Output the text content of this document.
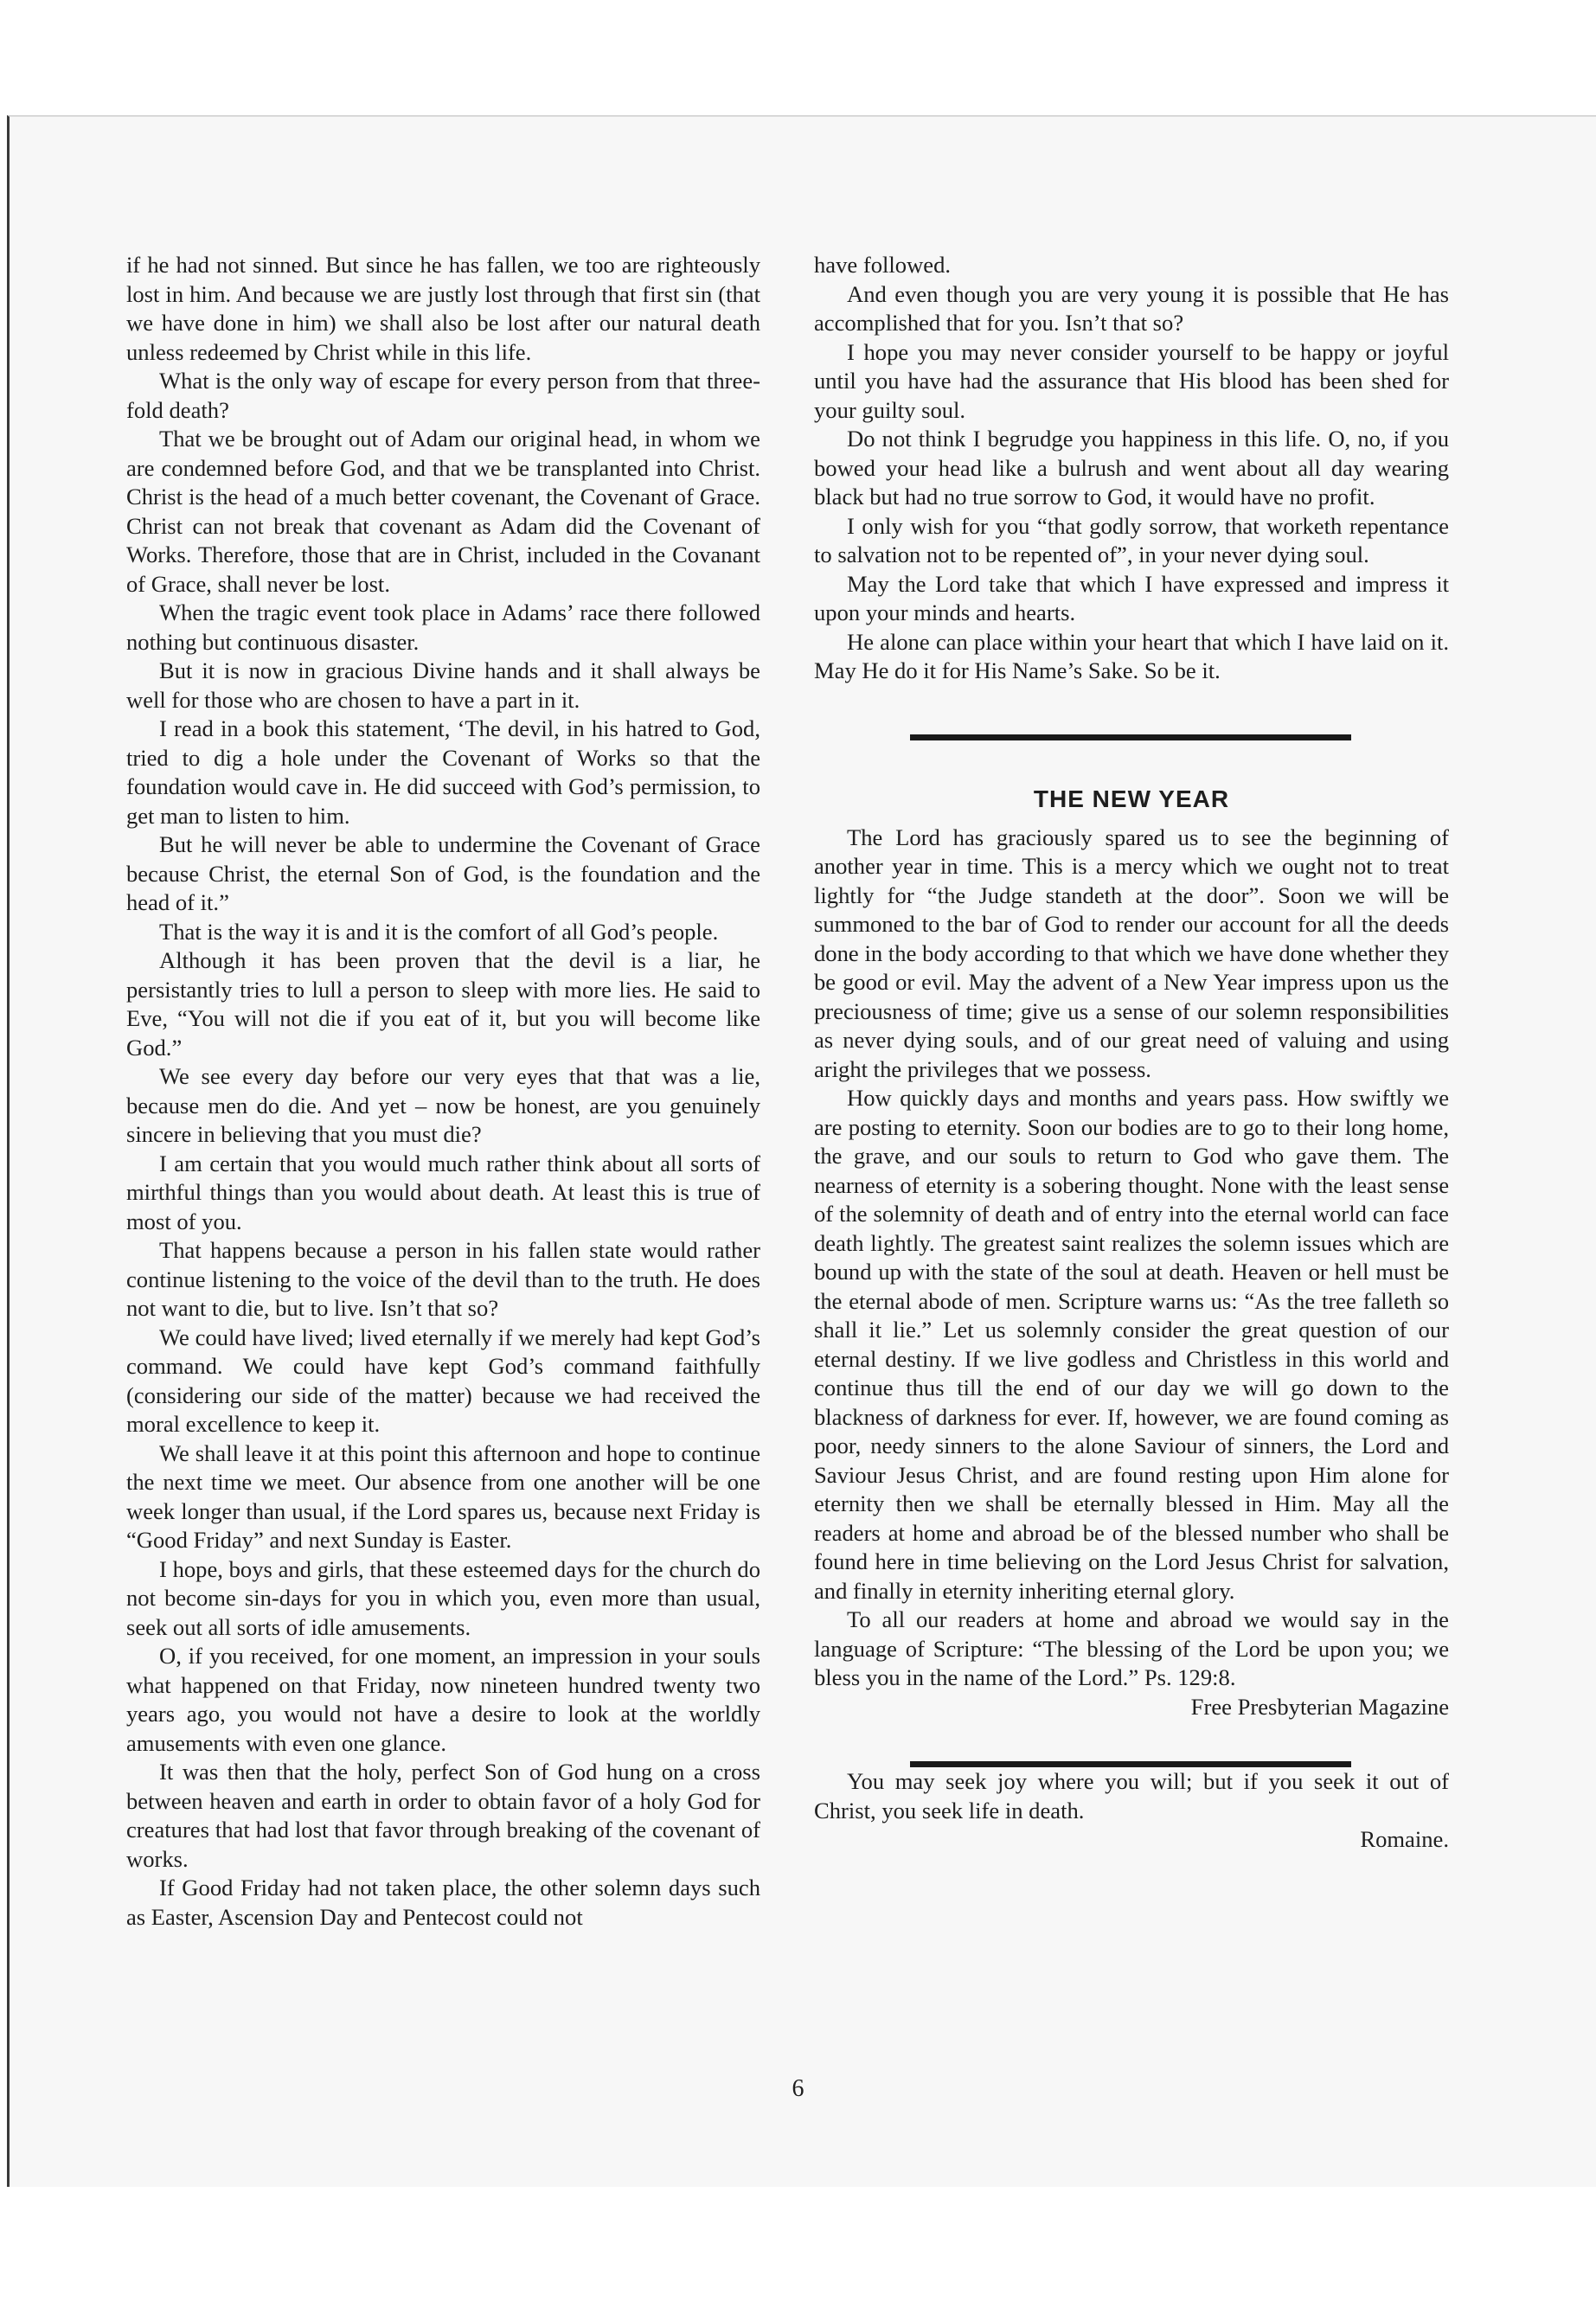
if he had not sinned. But since he has fallen, we too are righteously lost in him. And because we are justly lost through that first sin (that we have done in him) we shall also be lost after our natural death unless redeemed by Christ while in this life.

What is the only way of escape for every person from that three-fold death?

That we be brought out of Adam our original head, in whom we are condemned before God, and that we be transplanted into Christ. Christ is the head of a much better covenant, the Covenant of Grace. Christ can not break that covenant as Adam did the Covenant of Works. Therefore, those that are in Christ, included in the Covanant of Grace, shall never be lost.

When the tragic event took place in Adams’ race there followed nothing but continuous disaster.

But it is now in gracious Divine hands and it shall always be well for those who are chosen to have a part in it.

I read in a book this statement, ‘The devil, in his hatred to God, tried to dig a hole under the Covenant of Works so that the foundation would cave in. He did succeed with God’s permission, to get man to listen to him.

But he will never be able to undermine the Covenant of Grace because Christ, the eternal Son of God, is the foundation and the head of it.”

That is the way it is and it is the comfort of all God’s people.

Although it has been proven that the devil is a liar, he persistantly tries to lull a person to sleep with more lies. He said to Eve, “You will not die if you eat of it, but you will become like God.”

We see every day before our very eyes that that was a lie, because men do die. And yet – now be honest, are you genuinely sincere in believing that you must die?

I am certain that you would much rather think about all sorts of mirthful things than you would about death. At least this is true of most of you.

That happens because a person in his fallen state would rather continue listening to the voice of the devil than to the truth. He does not want to die, but to live. Isn’t that so?

We could have lived; lived eternally if we merely had kept God’s command. We could have kept God’s command faithfully (considering our side of the matter) because we had received the moral excellence to keep it.

We shall leave it at this point this afternoon and hope to continue the next time we meet. Our absence from one another will be one week longer than usual, if the Lord spares us, because next Friday is “Good Friday” and next Sunday is Easter.

I hope, boys and girls, that these esteemed days for the church do not become sin-days for you in which you, even more than usual, seek out all sorts of idle amusements.

O, if you received, for one moment, an impression in your souls what happened on that Friday, now nineteen hundred twenty two years ago, you would not have a desire to look at the worldly amusements with even one glance.

It was then that the holy, perfect Son of God hung on a cross between heaven and earth in order to obtain favor of a holy God for creatures that had lost that favor through breaking of the covenant of works.

If Good Friday had not taken place, the other solemn days such as Easter, Ascension Day and Pentecost could not

have followed.

And even though you are very young it is possible that He has accomplished that for you. Isn’t that so?

I hope you may never consider yourself to be happy or joyful until you have had the assurance that His blood has been shed for your guilty soul.

Do not think I begrudge you happiness in this life. O, no, if you bowed your head like a bulrush and went about all day wearing black but had no true sorrow to God, it would have no profit.

I only wish for you “that godly sorrow, that worketh repentance to salvation not to be repented of”, in your never dying soul.

May the Lord take that which I have expressed and impress it upon your minds and hearts.

He alone can place within your heart that which I have laid on it. May He do it for His Name’s Sake. So be it.

THE NEW YEAR

The Lord has graciously spared us to see the beginning of another year in time. This is a mercy which we ought not to treat lightly for “the Judge standeth at the door”. Soon we will be summoned to the bar of God to render our account for all the deeds done in the body according to that which we have done whether they be good or evil. May the advent of a New Year impress upon us the preciousness of time; give us a sense of our solemn responsibilities as never dying souls, and of our great need of valuing and using aright the privileges that we possess.

How quickly days and months and years pass. How swiftly we are posting to eternity. Soon our bodies are to go to their long home, the grave, and our souls to return to God who gave them. The nearness of eternity is a sobering thought. None with the least sense of the solemnity of death and of entry into the eternal world can face death lightly. The greatest saint realizes the solemn issues which are bound up with the state of the soul at death. Heaven or hell must be the eternal abode of men. Scripture warns us: “As the tree falleth so shall it lie.” Let us solemnly consider the great question of our eternal destiny. If we live godless and Christless in this world and continue thus till the end of our day we will go down to the blackness of darkness for ever. If, however, we are found coming as poor, needy sinners to the alone Saviour of sinners, the Lord and Saviour Jesus Christ, and are found resting upon Him alone for eternity then we shall be eternally blessed in Him. May all the readers at home and abroad be of the blessed number who shall be found here in time believing on the Lord Jesus Christ for salvation, and finally in eternity inheriting eternal glory.

To all our readers at home and abroad we would say in the language of Scripture: “The blessing of the Lord be upon you; we bless you in the name of the Lord.” Ps. 129:8.

Free Presbyterian Magazine

You may seek joy where you will; but if you seek it out of Christ, you seek life in death.

Romaine.

6
